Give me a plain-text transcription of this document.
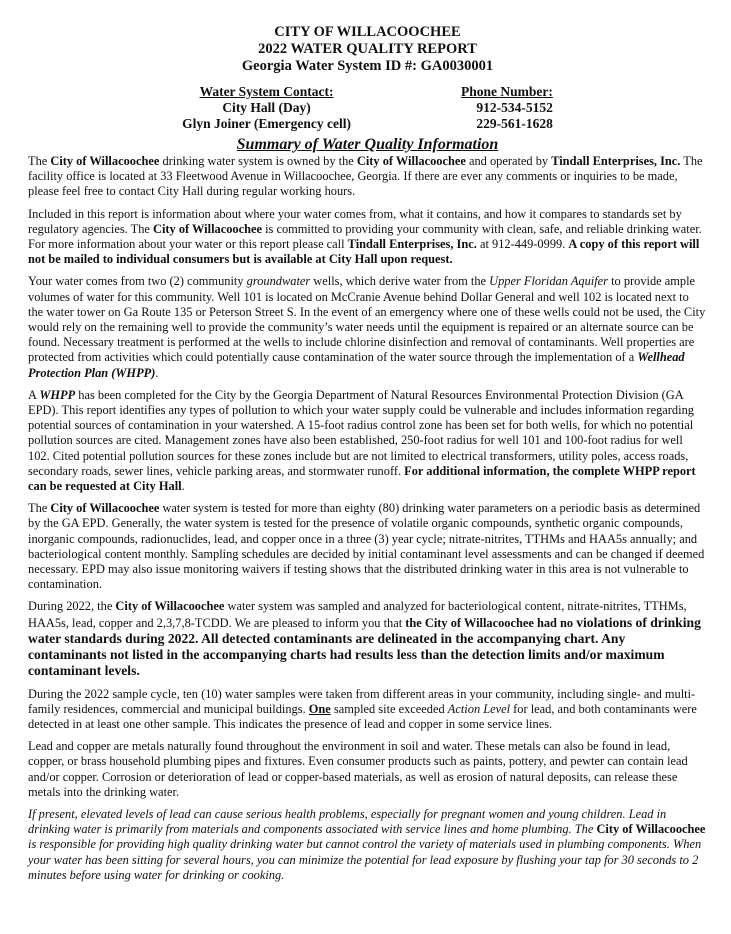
CITY OF WILLACOOCHEE
2022 WATER QUALITY REPORT
Georgia Water System ID #: GA0030001
Water System Contact:
City Hall (Day)
Glyn Joiner (Emergency cell)
Phone Number:
912-534-5152
229-561-1628
Summary of Water Quality Information

The City of Willacoochee drinking water system is owned by the City of Willacoochee and operated by Tindall Enterprises, Inc. The facility office is located at 33 Fleetwood Avenue in Willacoochee, Georgia. If there are ever any comments or inquiries to be made, please feel free to contact City Hall during regular working hours.

Included in this report is information about where your water comes from, what it contains, and how it compares to standards set by regulatory agencies. The City of Willacoochee is committed to providing your community with clean, safe, and reliable drinking water. For more information about your water or this report please call Tindall Enterprises, Inc. at 912-449-0999. A copy of this report will not be mailed to individual consumers but is available at City Hall upon request.

Your water comes from two (2) community groundwater wells, which derive water from the Upper Floridan Aquifer to provide ample volumes of water for this community. Well 101 is located on McCranie Avenue behind Dollar General and well 102 is located next to the water tower on Ga Route 135 or Peterson Street S. In the event of an emergency where one of these wells could not be used, the City would rely on the remaining well to provide the community’s water needs until the equipment is repaired or an alternate source can be found. Necessary treatment is performed at the wells to include chlorine disinfection and removal of contaminants. Well properties are protected from activities which could potentially cause contamination of the water source through the implementation of a Wellhead Protection Plan (WHPP).

A WHPP has been completed for the City by the Georgia Department of Natural Resources Environmental Protection Division (GA EPD). This report identifies any types of pollution to which your water supply could be vulnerable and includes information regarding potential sources of contamination in your watershed. A 15-foot radius control zone has been set for both wells, for which no potential pollution sources are cited. Management zones have also been established, 250-foot radius for well 101 and 100-foot radius for well 102. Cited potential pollution sources for these zones include but are not limited to electrical transformers, utility poles, access roads, secondary roads, sewer lines, vehicle parking areas, and stormwater runoff. For additional information, the complete WHPP report can be requested at City Hall.

The City of Willacoochee water system is tested for more than eighty (80) drinking water parameters on a periodic basis as determined by the GA EPD. Generally, the water system is tested for the presence of volatile organic compounds, synthetic organic compounds, inorganic compounds, radionuclides, lead, and copper once in a three (3) year cycle; nitrate-nitrites, TTHMs and HAA5s annually; and bacteriological content monthly. Sampling schedules are decided by initial contaminant level assessments and can be changed if deemed necessary. EPD may also issue monitoring waivers if testing shows that the distributed drinking water in this area is not vulnerable to contamination.

During 2022, the City of Willacoochee water system was sampled and analyzed for bacteriological content, nitrate-nitrites, TTHMs, HAA5s, lead, copper and 2,3,7,8-TCDD. We are pleased to inform you that the City of Willacoochee had no violations of drinking water standards during 2022. All detected contaminants are delineated in the accompanying chart. Any contaminants not listed in the accompanying charts had results less than the detection limits and/or maximum contaminant levels.

During the 2022 sample cycle, ten (10) water samples were taken from different areas in your community, including single- and multi-family residences, commercial and municipal buildings. One sampled site exceeded Action Level for lead, and both contaminants were detected in at least one other sample. This indicates the presence of lead and copper in some service lines.

Lead and copper are metals naturally found throughout the environment in soil and water. These metals can also be found in lead, copper, or brass household plumbing pipes and fixtures. Even consumer products such as paints, pottery, and pewter can contain lead and/or copper. Corrosion or deterioration of lead or copper-based materials, as well as erosion of natural deposits, can release these metals into the drinking water.

If present, elevated levels of lead can cause serious health problems, especially for pregnant women and young children. Lead in drinking water is primarily from materials and components associated with service lines and home plumbing. The City of Willacoochee is responsible for providing high quality drinking water but cannot control the variety of materials used in plumbing components. When your water has been sitting for several hours, you can minimize the potential for lead exposure by flushing your tap for 30 seconds to 2 minutes before using water for drinking or cooking.
